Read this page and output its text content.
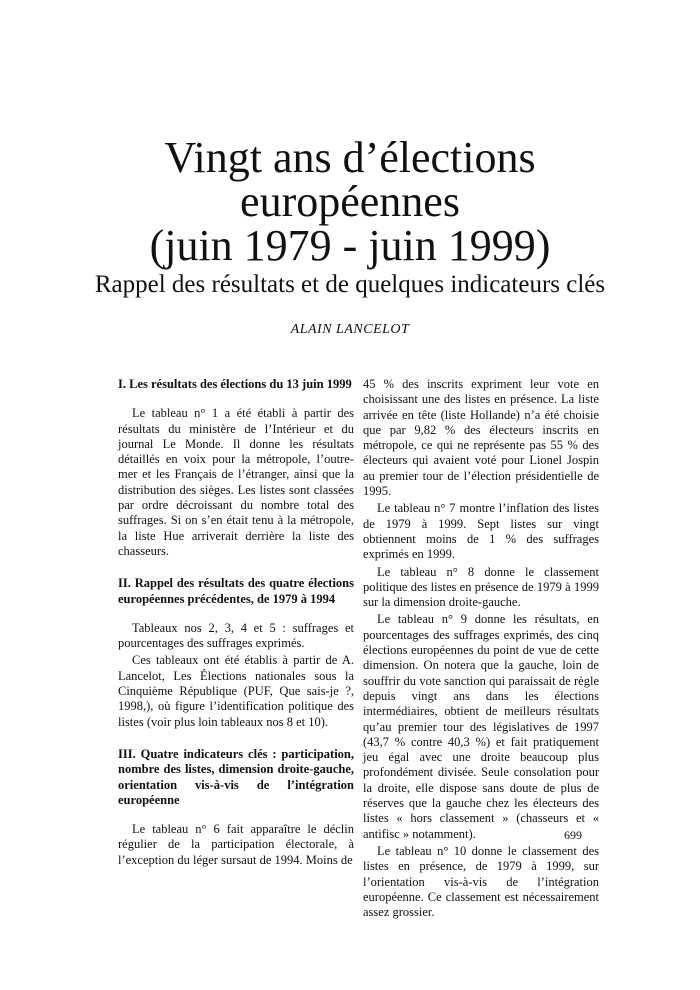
Vingt ans d’élections
européennes
(juin 1979 - juin 1999)
Rappel des résultats et de quelques indicateurs clés
ALAIN LANCELOT
I. Les résultats des élections du 13 juin 1999

Le tableau n° 1 a été établi à partir des résultats du ministère de l’Intérieur et du journal Le Monde. Il donne les résultats détaillés en voix pour la métropole, l’outre-mer et les Français de l’étranger, ainsi que la distribution des sièges. Les listes sont classées par ordre décroissant du nombre total des suffrages. Si on s’en était tenu à la métropole, la liste Hue arriverait derrière la liste des chasseurs.

II. Rappel des résultats des quatre élections européennes précédentes, de 1979 à 1994

Tableaux nos 2, 3, 4 et 5 : suffrages et pourcentages des suffrages exprimés.

Ces tableaux ont été établis à partir de A. Lancelot, Les Élections nationales sous la Cinquième République (PUF, Que sais-je ?, 1998,), où figure l’identification politique des listes (voir plus loin tableaux nos 8 et 10).

III. Quatre indicateurs clés : participation, nombre des listes, dimension droite-gauche, orientation vis-à-vis de l’intégration européenne

Le tableau n° 6 fait apparaître le déclin régulier de la participation électorale, à l’exception du léger sursaut de 1994. Moins de

45 % des inscrits expriment leur vote en choisissant une des listes en présence. La liste arrivée en tête (liste Hollande) n’a été choisie que par 9,82 % des électeurs inscrits en métropole, ce qui ne représente pas 55 % des électeurs qui avaient voté pour Lionel Jospin au premier tour de l’élection présidentielle de 1995.

Le tableau n° 7 montre l’inflation des listes de 1979 à 1999. Sept listes sur vingt obtiennent moins de 1 % des suffrages exprimés en 1999.

Le tableau n° 8 donne le classement politique des listes en présence de 1979 à 1999 sur la dimension droite-gauche.

Le tableau n° 9 donne les résultats, en pourcentages des suffrages exprimés, des cinq élections européennes du point de vue de cette dimension. On notera que la gauche, loin de souffrir du vote sanction qui paraissait de règle depuis vingt ans dans les élections intermédiaires, obtient de meilleurs résultats qu’au premier tour des législatives de 1997 (43,7 % contre 40,3 %) et fait pratiquement jeu égal avec une droite beaucoup plus profondément divisée. Seule consolation pour la droite, elle dispose sans doute de plus de réserves que la gauche chez les électeurs des listes « hors classement » (chasseurs et « antifisc » notamment).

Le tableau n° 10 donne le classement des listes en présence, de 1979 à 1999, sur l’orientation vis-à-vis de l’intégration européenne. Ce classement est nécessairement assez grossier.

699
